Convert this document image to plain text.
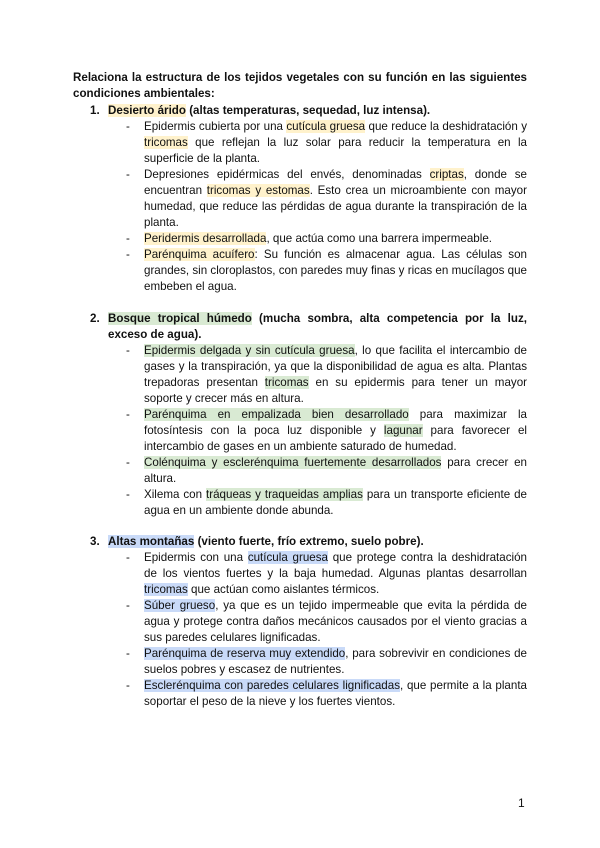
Relaciona la estructura de los tejidos vegetales con su función en las siguientes condiciones ambientales:
1. Desierto árido (altas temperaturas, sequedad, luz intensa).
- Epidermis cubierta por una cutícula gruesa que reduce la deshidratación y tricomas que reflejan la luz solar para reducir la temperatura en la superficie de la planta.
- Depresiones epidérmicas del envés, denominadas criptas, donde se encuentran tricomas y estomas. Esto crea un microambiente con mayor humedad, que reduce las pérdidas de agua durante la transpiración de la planta.
- Peridermis desarrollada, que actúa como una barrera impermeable.
- Parénquima acuífero: Su función es almacenar agua. Las células son grandes, sin cloroplastos, con paredes muy finas y ricas en mucílagos que embeben el agua.
2. Bosque tropical húmedo (mucha sombra, alta competencia por la luz, exceso de agua).
- Epidermis delgada y sin cutícula gruesa, lo que facilita el intercambio de gases y la transpiración, ya que la disponibilidad de agua es alta. Plantas trepadoras presentan tricomas en su epidermis para tener un mayor soporte y crecer más en altura.
- Parénquima en empalizada bien desarrollado para maximizar la fotosíntesis con la poca luz disponible y lagunar para favorecer el intercambio de gases en un ambiente saturado de humedad.
- Colénquima y esclerénquima fuertemente desarrollados para crecer en altura.
- Xilema con tráqueas y traqueidas amplias para un transporte eficiente de agua en un ambiente donde abunda.
3. Altas montañas (viento fuerte, frío extremo, suelo pobre).
- Epidermis con una cutícula gruesa que protege contra la deshidratación de los vientos fuertes y la baja humedad. Algunas plantas desarrollan tricomas que actúan como aislantes térmicos.
- Súber grueso, ya que es un tejido impermeable que evita la pérdida de agua y protege contra daños mecánicos causados por el viento gracias a sus paredes celulares lignificadas.
- Parénquima de reserva muy extendido, para sobrevivir en condiciones de suelos pobres y escasez de nutrientes.
- Esclerénquima con paredes celulares lignificadas, que permite a la planta soportar el peso de la nieve y los fuertes vientos.
1
